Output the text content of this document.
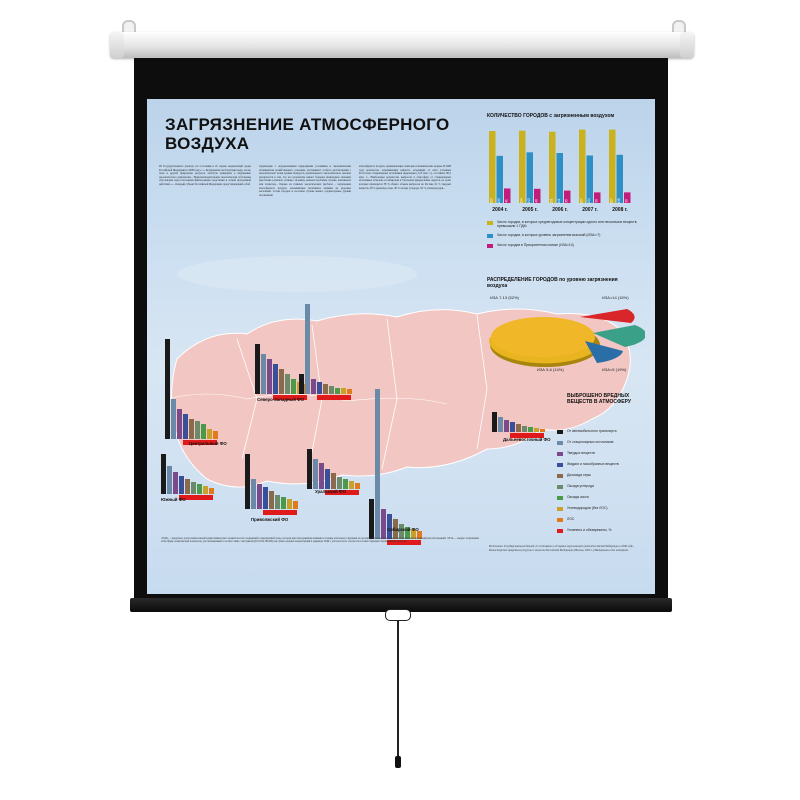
ЗАГРЯЗНЕНИЕ АТМОСФЕРНОГО ВОЗДУХА

Из Государственного доклада «О состоянии и об охране окружающей среды Российской Федерации в 2008 году»: «...Безудержная эксплуатация недр, лесов, почв и других природных ресурсов зачастую приводила к нарушению экологического равновесия... Неудовлетворительная экологическая обстановка обусловлена недостаточными финансовыми средствами и четкой программой действий...» ...Каждый субъект Российской Федерации, представляющий собой

территорию с определенными природными условиями и экономическим потенциалом хозяйственного освоения, заслуживает особого рассмотрения с экологической точки зрения. Каждость регионального экологического анализа заключается в том, что его результаты имеют большое прикладное значение (проблемы регионов «ближе» человеку, нежели проблемы страны, континента или планеты)... Однако из главных экологических проблем – загрязнение атмосферного воздуха, оказывающее негативное влияние на здоровье населения. Сотни городов и поселков страны имеют среднегодовые уровни загрязнения

атмосферного воздуха, превышающие санитарно-гигиенические нормы. В 2008 году количество загрязняющих веществ, отходящих от всех учтенных Росстатом стационарных источников выделения (1,25 млн. т.), составило 80,2 млн. т... Наибольшее количество выбросов в атмосферу от стационарных источников отмечено в Сибирском и Уральском федеральных округах, на долю которых приходится 38 % общего объема выбросов по России, 61 % твердых веществ, 48 % диоксида серы, 36 % оксида углерода, 56 % углеводородов...

КОЛИЧЕСТВО ГОРОДОВ с загрязненным воздухом
203 133 41
2004 г.
204 143 40
2005 г.
201 141 35
2006 г.
207 134 30
2007 г.
207 136 30
2008 г.
Число городов, в которых среднегодовые концентрации одного или нескольких веществ превышали 1 ПДК¹
Число городов, в которых уровень загрязнения высокий (ИЗА²>7)
Число городов в Приоритетном списке (ИЗА>14)
РАСПРЕДЕЛЕНИЕ ГОРОДОВ по уровню загрязнения воздуха
ИЗА 7-13 (52%)	ИЗА>14 (15%)
ИЗА 5-6 (14%)	ИЗА<5 (19%)
ВЫБРОШЕНО ВРЕДНЫХ ВЕЩЕСТВ В АТМОСФЕРУ
От автомобильного транспорта
От стационарных источников:
Твердых веществ
Жидких и газообразных веществ
Диоксида серы
Оксида углерода
Оксиды азота
Углеводородов (без ЛОС)
ЛОС
Уловлено и обезврежено, %
Центральный ФО
Северо-Западный ФО
Южный ФО
Приволжский ФО
Уральский ФО
Сибирский ФО
Дальневосточный ФО
¹ ПДК — предельно допустимая концентрация химических элементов и их соединений в окружающей среде, которая при повседневном влиянии в течение длительного времени на организм человека не вызывает патологических изменений или заболеваний. ² ИЗА — индекс загрязнения атмосферы, комплексный показатель, рассчитываемый в соответствии с методикой (РД 52.04.186-89) как сумма средних концентраций в единицах ПДК с учетом класса опасности соответствующих загрязняющих веществ.
Источники: Государственный доклад «О состоянии и об охране окружающей среды Российской Федерации в 2008 году» Министерство природных ресурсов и экологии Российской Федерации (Москва, 2009 г.) Материалы сети интернет.
